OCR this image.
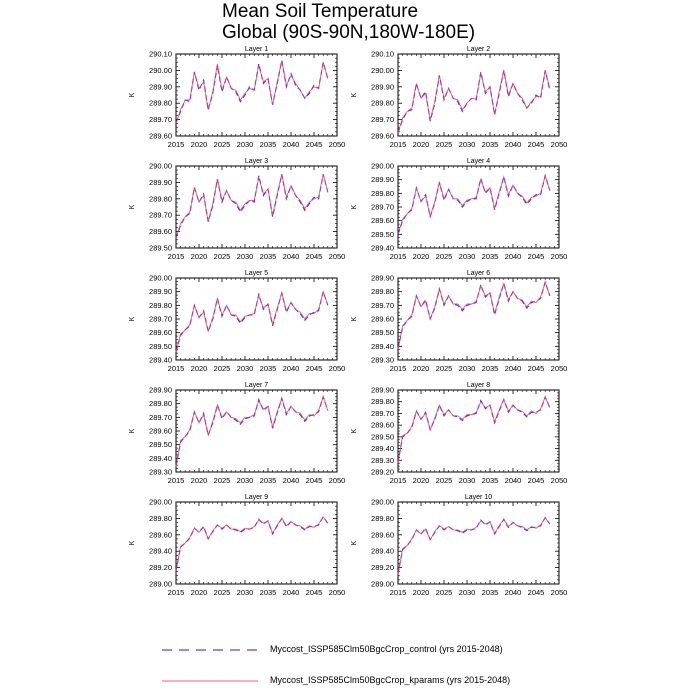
Mean Soil Temperature
Global (90S-90N,180W-180E)
Layer 1
K
2015 2020 2025 2030 2035 2040 2045 2050
289.60
289.70
289.80
289.90
290.00
290.10	Layer 2
K
2015 2020 2025 2030 2035 2040 2045 2050
289.60
289.70
289.80
289.90
290.00
290.10
Layer 3
K
2015 2020 2025 2030 2035 2040 2045 2050
289.50
289.60
289.70
289.80
289.90
290.00	Layer 4
K
2015 2020 2025 2030 2035 2040 2045 2050
289.40
289.50
289.60
289.70
289.80
289.90
290.00
Layer 5
K
2015 2020 2025 2030 2035 2040 2045 2050
289.40
289.50
289.60
289.70
289.80
289.90
290.00	Layer 6
K
2015 2020 2025 2030 2035 2040 2045 2050
289.30
289.40
289.50
289.60
289.70
289.80
289.90
Layer 7
K
2015 2020 2025 2030 2035 2040 2045 2050
289.30
289.40
289.50
289.60
289.70
289.80
289.90	Layer 8
K
2015 2020 2025 2030 2035 2040 2045 2050
289.20
289.30
289.40
289.50
289.60
289.70
289.80
289.90
Layer 9
K
2015 2020 2025 2030 2035 2040 2045 2050
289.00
289.20
289.40
289.60
289.80
290.00	Layer 10
K
2015 2020 2025 2030 2035 2040 2045 2050
289.00
289.20
289.40
289.60
289.80
290.00
Myccost_ISSP585Clm50BgcCrop_control (yrs 2015-2048)
Myccost_ISSP585Clm50BgcCrop_kparams (yrs 2015-2048)
